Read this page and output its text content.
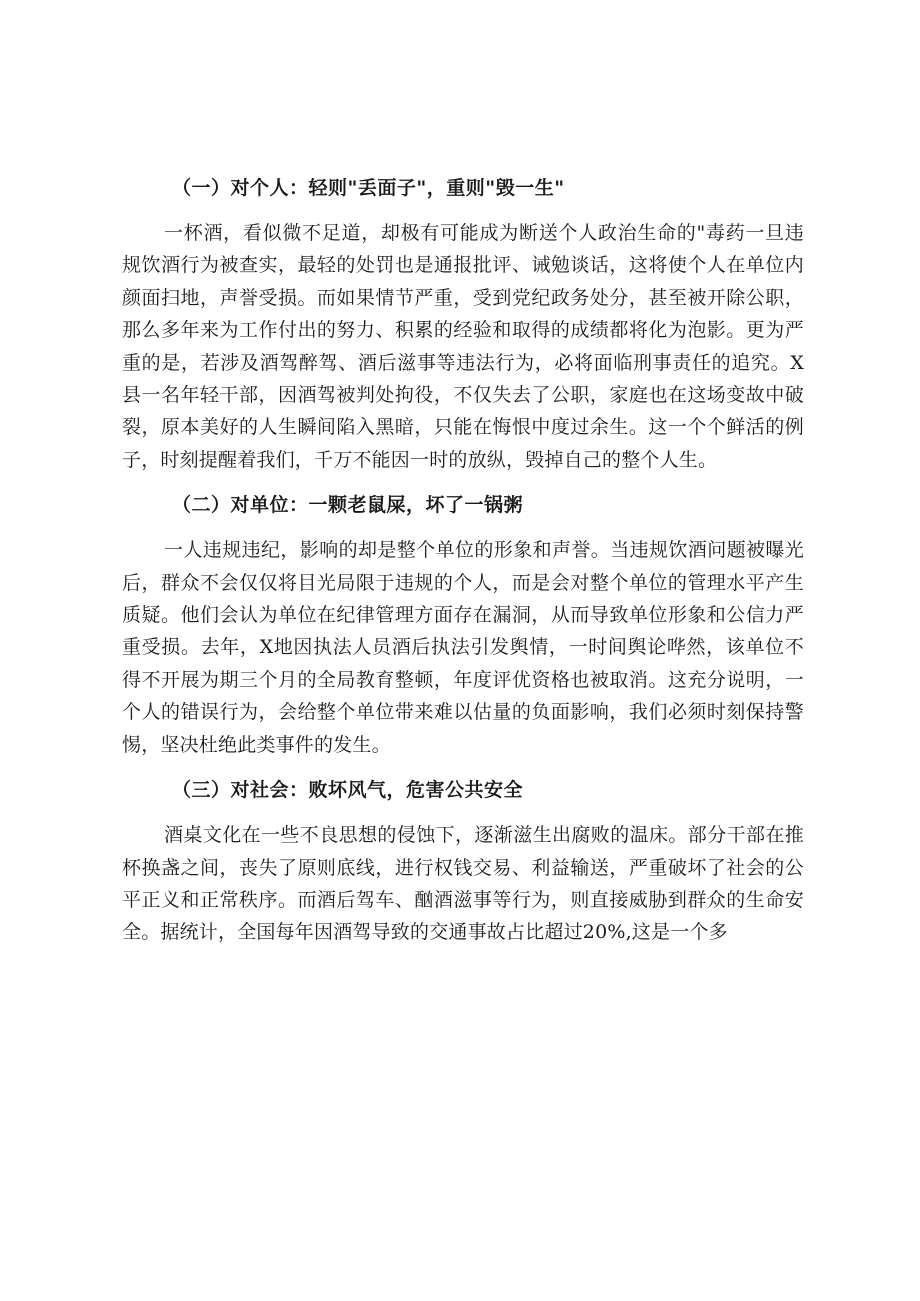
（一）对个人：轻则"丢面子"，重则"毁一生"

一杯酒，看似微不足道，却极有可能成为断送个人政治生命的"毒药一旦违规饮酒行为被查实，最轻的处罚也是通报批评、诫勉谈话，这将使个人在单位内颜面扫地，声誉受损。而如果情节严重，受到党纪政务处分，甚至被开除公职，那么多年来为工作付出的努力、积累的经验和取得的成绩都将化为泡影。更为严重的是，若涉及酒驾醉驾、酒后滋事等违法行为，必将面临刑事责任的追究。X县一名年轻干部，因酒驾被判处拘役，不仅失去了公职，家庭也在这场变故中破裂，原本美好的人生瞬间陷入黑暗，只能在悔恨中度过余生。这一个个鲜活的例子，时刻提醒着我们，千万不能因一时的放纵，毁掉自己的整个人生。

（二）对单位：一颗老鼠屎，坏了一锅粥

一人违规违纪，影响的却是整个单位的形象和声誉。当违规饮酒问题被曝光后，群众不会仅仅将目光局限于违规的个人，而是会对整个单位的管理水平产生质疑。他们会认为单位在纪律管理方面存在漏洞，从而导致单位形象和公信力严重受损。去年，X地因执法人员酒后执法引发舆情，一时间舆论哗然，该单位不得不开展为期三个月的全局教育整顿，年度评优资格也被取消。这充分说明，一个人的错误行为，会给整个单位带来难以估量的负面影响，我们必须时刻保持警惕，坚决杜绝此类事件的发生。

（三）对社会：败坏风气，危害公共安全

酒桌文化在一些不良思想的侵蚀下，逐渐滋生出腐败的温床。部分干部在推杯换盏之间，丧失了原则底线，进行权钱交易、利益输送，严重破坏了社会的公平正义和正常秩序。而酒后驾车、酗酒滋事等行为，则直接威胁到群众的生命安全。据统计，全国每年因酒驾导致的交通事故占比超过20%,这是一个多
